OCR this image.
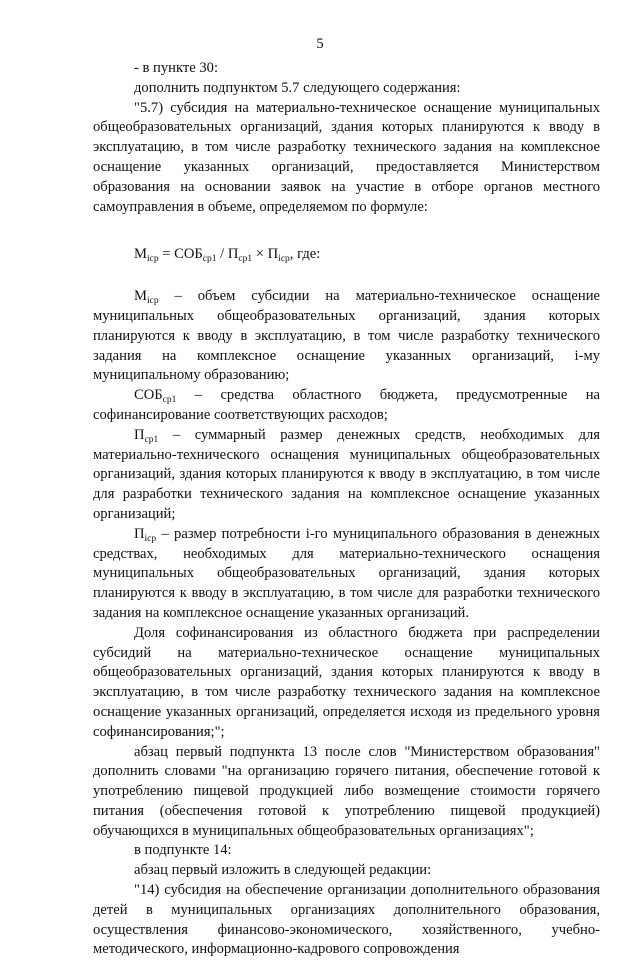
5

- в пункте 30:

дополнить подпунктом 5.7 следующего содержания:

"5.7) субсидия на материально-техническое оснащение муниципальных общеобразовательных организаций, здания которых планируются к вводу в эксплуатацию, в том числе разработку технического задания на комплексное оснащение указанных организаций, предоставляется Министерством образования на основании заявок на участие в отборе органов местного самоуправления в объеме, определяемом по формуле:

$M_{icp} = СОБ_{cp1} / П_{cp1} \times П_{icp}$, где:

$M_{icp}$ – объем субсидии на материально-техническое оснащение муниципальных общеобразовательных организаций, здания которых планируются к вводу в эксплуатацию, в том числе разработку технического задания на комплексное оснащение указанных организаций, i-му муниципальному образованию;

$СОБ_{cp1}$ – средства областного бюджета, предусмотренные на софинансирование соответствующих расходов;

$П_{cp1}$ – суммарный размер денежных средств, необходимых для материально-технического оснащения муниципальных общеобразовательных организаций, здания которых планируются к вводу в эксплуатацию, в том числе для разработки технического задания на комплексное оснащение указанных организаций;

$П_{icp}$ – размер потребности i-го муниципального образования в денежных средствах, необходимых для материально-технического оснащения муниципальных общеобразовательных организаций, здания которых планируются к вводу в эксплуатацию, в том числе для разработки технического задания на комплексное оснащение указанных организаций.

Доля софинансирования из областного бюджета при распределении субсидий на материально-техническое оснащение муниципальных общеобразовательных организаций, здания которых планируются к вводу в эксплуатацию, в том числе разработку технического задания на комплексное оснащение указанных организаций, определяется исходя из предельного уровня софинансирования;";

абзац первый подпункта 13 после слов "Министерством образования" дополнить словами "на организацию горячего питания, обеспечение готовой к употреблению пищевой продукцией либо возмещение стоимости горячего питания (обеспечения готовой к употреблению пищевой продукцией) обучающихся в муниципальных общеобразовательных организациях";

в подпункте 14:

абзац первый изложить в следующей редакции:

"14) субсидия на обеспечение организации дополнительного образования детей в муниципальных организациях дополнительного образования, осуществления финансово-экономического, хозяйственного, учебно-методического, информационно-кадрового сопровождения
